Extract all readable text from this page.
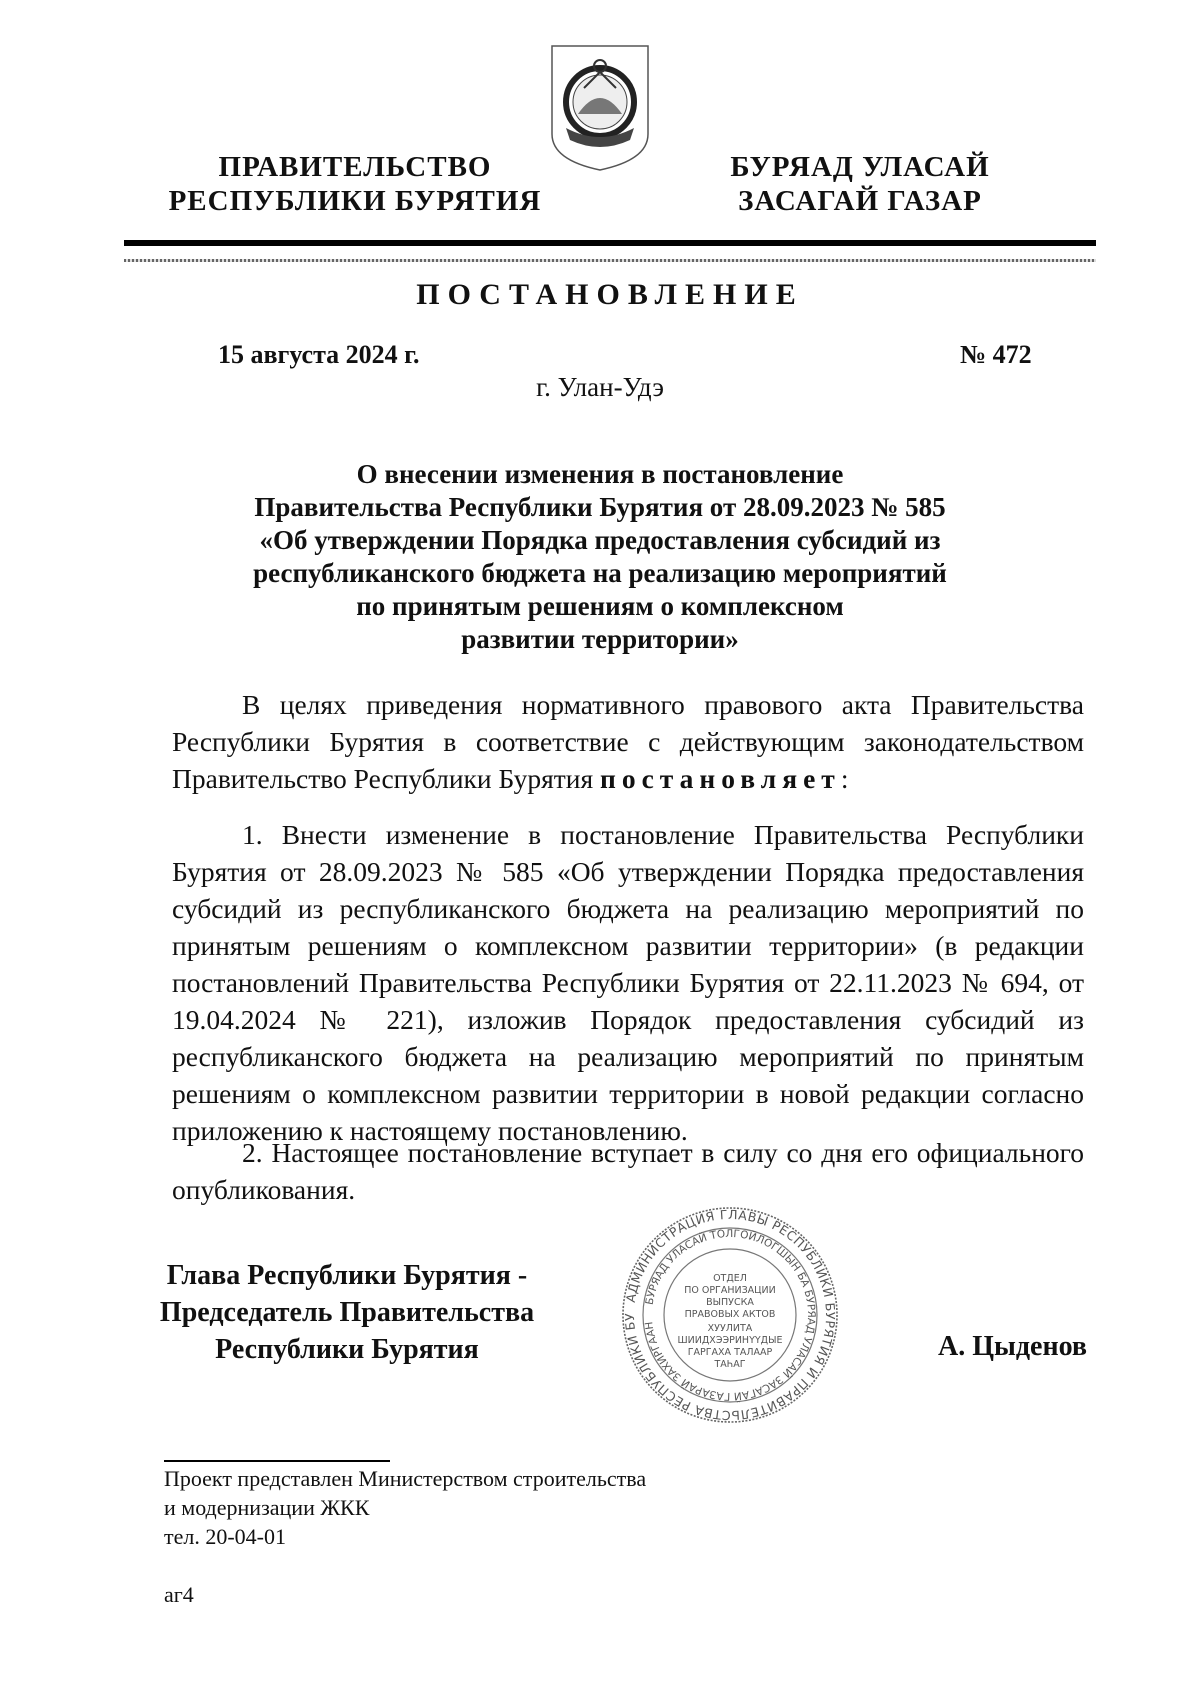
ПРАВИТЕЛЬСТВО
РЕСПУБЛИКИ БУРЯТИЯ
БУРЯАД УЛАСАЙ
ЗАСАГАЙ ГАЗАР
ПОСТАНОВЛЕНИЕ
15 августа 2024 г.	№ 472
г. Улан-Удэ
О внесении изменения в постановление
Правительства Республики Бурятия от 28.09.2023 № 585
«Об утверждении Порядка предоставления субсидий из
республиканского бюджета на реализацию мероприятий
по принятым решениям о комплексном
развитии территории»
В целях приведения нормативного правового акта Правительства Республики Бурятия в соответствие с действующим законодательством Правительство Республики Бурятия постановляет:
1. Внести изменение в постановление Правительства Республики Бурятия от 28.09.2023 № 585 «Об утверждении Порядка предоставления субсидий из республиканского бюджета на реализацию мероприятий по принятым решениям о комплексном развитии территории» (в редакции постановлений Правительства Республики Бурятия от 22.11.2023 № 694, от 19.04.2024 № 221), изложив Порядок предоставления субсидий из республиканского бюджета на реализацию мероприятий по принятым решениям о комплексном развитии территории в новой редакции согласно приложению к настоящему постановлению.
2. Настоящее постановление вступает в силу со дня его официального опубликования.
Глава Республики Бурятия -
Председатель Правительства
Республики Бурятия
АДМИНИСТРАЦИЯ ГЛАВЫ РЕСПУБЛИКИ БУРЯТИЯ И ПРАВИТЕЛЬСТВА РЕСПУБЛИКИ БУ
БУРЯАД УЛАСАЙ ТОЛГОЙЛОГШЫН БА БУРЯАД УЛАСАЙ ЗАСАГАЙ ГАЗАРАЙ ЗАХИРГААН
ОТДЕЛ
ПО ОРГАНИЗАЦИИ
ВЫПУСКА
ПРАВОВЫХ АКТОВ
ХУУЛИТА
ШИИДХЭЭРИНҮҮДЫЕ
ГАРГАХА ТАЛААР
ТАҺАГ
А. Цыденов
Проект представлен Министерством строительства
и модернизации ЖКК
тел. 20-04-01
аг4
